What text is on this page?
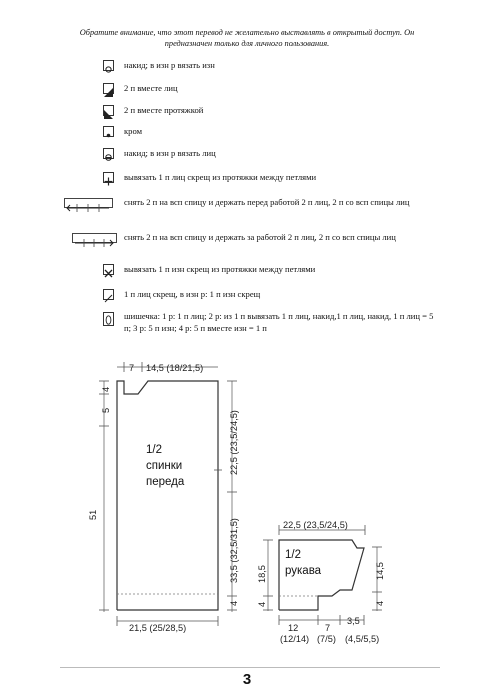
Обратите внимание, что этот перевод не желательно выставлять в открытый доступ. Он
предназначен только для личного пользования.
накид; в изн р вязать изн
2 п вместе лиц
2 п вместе протяжкой
кром
накид; в изн р вязать лиц
вывязать 1 п лиц скрещ из протяжки между петлями
снять 2 п на всп спицу и держать перед работой 2 п лиц, 2 п со всп спицы лиц
снять 2 п на всп спицу и держать за работой 2 п лиц, 2 п со всп спицы лиц
вывязать 1 п изн скрещ из протяжки между петлями
1 п лиц скрещ, в изн р: 1 п изн скрещ
шишечка: 1 р: 1 п лиц; 2 р: из 1 п вывязать 1 п лиц, накид,1 п лиц, накид, 1 п лиц = 5 п; 3 р: 5 п изн; 4 р: 5 п вместе изн = 1 п
7 14,5 (18/21,5)
5
4
51
22,5 (23,5/24,5)
33,5 (32,5/31,5)
4
21,5 (25/28,5)
1/2
спинки
переда
22,5 (23,5/24,5)
18,5
4
14,5
4
12
(12/14)
7
(7/5)
3,5
(4,5/5,5)
1/2
рукава
3
